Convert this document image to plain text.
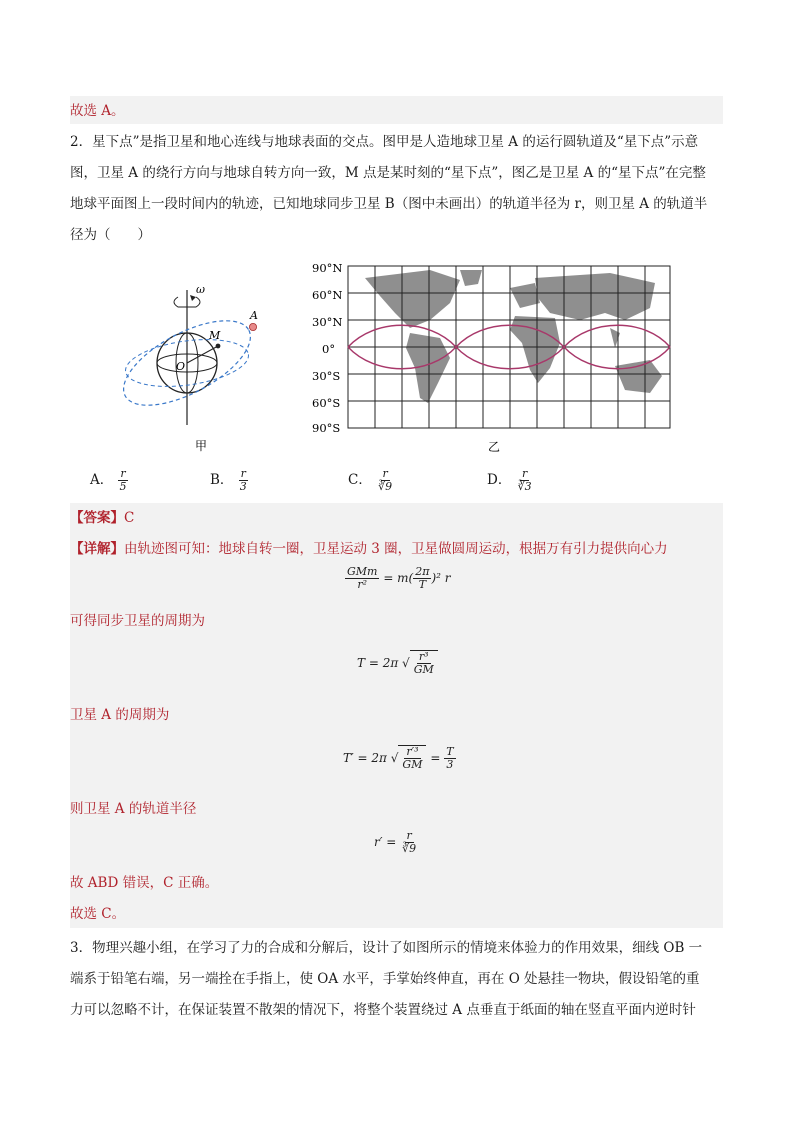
故选 A。
2．星下点”是指卫星和地心连线与地球表面的交点。图甲是人造地球卫星 A 的运行圆轨道及“星下点”示意
图，卫星 A 的绕行方向与地球自转方向一致，M 点是某时刻的“星下点”，图乙是卫星 A 的“星下点”在完整
地球平面图上一段时间内的轨迹，已知地球同步卫星 B（图中未画出）的轨道半径为 r，则卫星 A 的轨道半
径为（　　）
ω
M
A
O
甲
90°N
60°N
30°N
0°
30°S
60°S
90°S
乙
A． $\frac{r}{5}$	B． $\frac{r}{3}$	C． $\frac{r}{∛9}$	D． $\frac{r}{∛3}$
【答案】C
【详解】由轨迹图可知：地球自转一圈，卫星运动 3 圈，卫星做圆周运动，根据万有引力提供向心力
$\frac{\text{GMm}}{\text{r²}} = m( \frac{2\pi}{T} )^2$ r
可得同步卫星的周期为
T = 2π √ $\frac{\text{r³}}{GM}$
卫星 A 的周期为
T′ = 2π √ $\frac{\text{r′³}}{GM} = \frac{T}{3}$
则卫星 A 的轨道半径
$r' = \frac{r}{∛9}$
故 ABD 错误，C 正确。
故选 C。
3．物理兴趣小组，在学习了力的合成和分解后，设计了如图所示的情境来体验力的作用效果，细线 OB 一
端系于铅笔右端，另一端拴在手指上，使 OA 水平，手掌始终伸直，再在 O 处悬挂一物块，假设铅笔的重
力可以忽略不计，在保证装置不散架的情况下，将整个装置绕过 A 点垂直于纸面的轴在竖直平面内逆时针
